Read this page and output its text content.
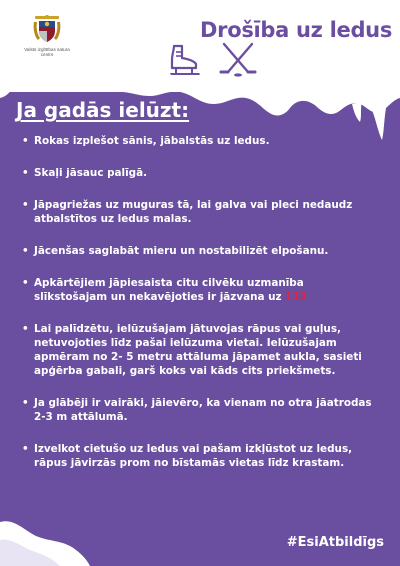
Valsts izglītības satura centrs
Drošība uz ledus
Ja gadās ielūzt:
• Rokas izplešot sānis, jābalstās uz ledus.
• Skaļi jāsauc palīgā.
• Jāpagriežas uz muguras tā, lai galva vai pleci nedaudz atbalstītos uz ledus malas.
• Jācenšas saglabāt mieru un nostabilizēt elpošanu.
• Apkārtējiem jāpiesaista citu cilvēku uzmanība slīkstošajam un nekavējoties ir jāzvana uz 112
• Lai palīdzētu, ielūzušajam jātuvojas rāpus vai guļus, netuvojoties līdz pašai ielūzuma vietai. Ielūzušajam apmēram no 2- 5 metru attāluma jāpamet aukla, sasieti apģērba gabali, garš koks vai kāds cits priekšmets.
• Ja glābēji ir vairāki, jāievēro, ka vienam no otra jāatrodas 2-3 m attālumā.
• Izvelkot cietušo uz ledus vai pašam izkļūstot uz ledus, rāpus jāvirzās prom no bīstamās vietas līdz krastam.
#EsiAtbildīgs
